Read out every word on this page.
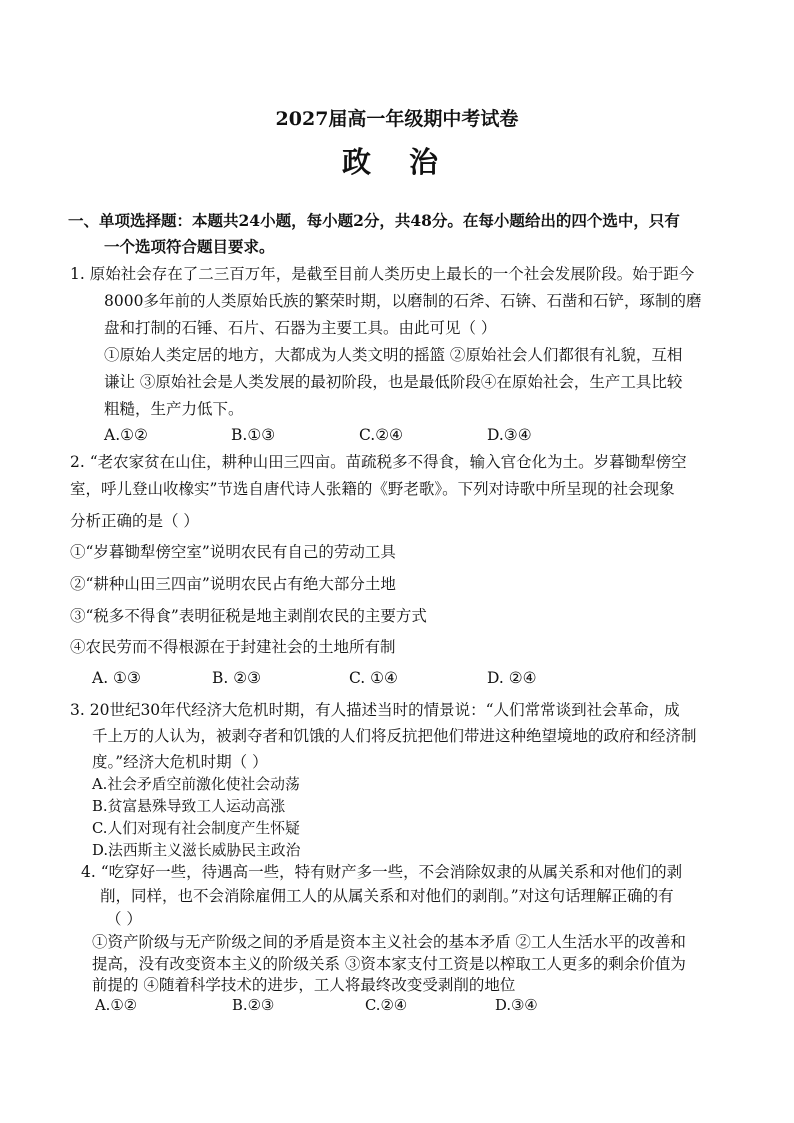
2027届高一年级期中考试卷
政 治
一、单项选择题：本题共24小题，每小题2分，共48分。在每小题给出的四个选中，只有
一个选项符合题目要求。
1. 原始社会存在了二三百万年，是截至目前人类历史上最长的一个社会发展阶段。始于距今
8000多年前的人类原始氏族的繁荣时期，以磨制的石斧、石锛、石凿和石铲，琢制的磨
盘和打制的石锤、石片、石器为主要工具。由此可见（ ）
①原始人类定居的地方，大都成为人类文明的摇篮 ②原始社会人们都很有礼貌，互相
谦让 ③原始社会是人类发展的最初阶段，也是最低阶段④在原始社会，生产工具比较
粗糙，生产力低下。
A.①②	B.①③	C.②④	D.③④
2. “老农家贫在山住，耕种山田三四亩。苗疏税多不得食，输入官仓化为土。岁暮锄犁傍空
室，呼儿登山收橡实”节选自唐代诗人张籍的《野老歌》。下列对诗歌中所呈现的社会现象
分析正确的是（ ）
①“岁暮锄犁傍空室”说明农民有自己的劳动工具
②“耕种山田三四亩”说明农民占有绝大部分土地
③“税多不得食”表明征税是地主剥削农民的主要方式
④农民劳而不得根源在于封建社会的土地所有制
A. ①③	B. ②③	C. ①④	D. ②④
3. 20世纪30年代经济大危机时期，有人描述当时的情景说：“人们常常谈到社会革命，成
千上万的人认为，被剥夺者和饥饿的人们将反抗把他们带进这种绝望境地的政府和经济制
度。”经济大危机时期（ ）
A.社会矛盾空前激化使社会动荡
B.贫富悬殊导致工人运动高涨
C.人们对现有社会制度产生怀疑
D.法西斯主义滋长威胁民主政治
4. “吃穿好一些，待遇高一些，特有财产多一些，不会消除奴隶的从属关系和对他们的剥
削，同样，也不会消除雇佣工人的从属关系和对他们的剥削。”对这句话理解正确的有
（ ）
①资产阶级与无产阶级之间的矛盾是资本主义社会的基本矛盾 ②工人生活水平的改善和
提高，没有改变资本主义的阶级关系 ③资本家支付工资是以榨取工人更多的剩余价值为
前提的 ④随着科学技术的进步，工人将最终改变受剥削的地位
A.①②	B.②③	C.②④	D.③④
